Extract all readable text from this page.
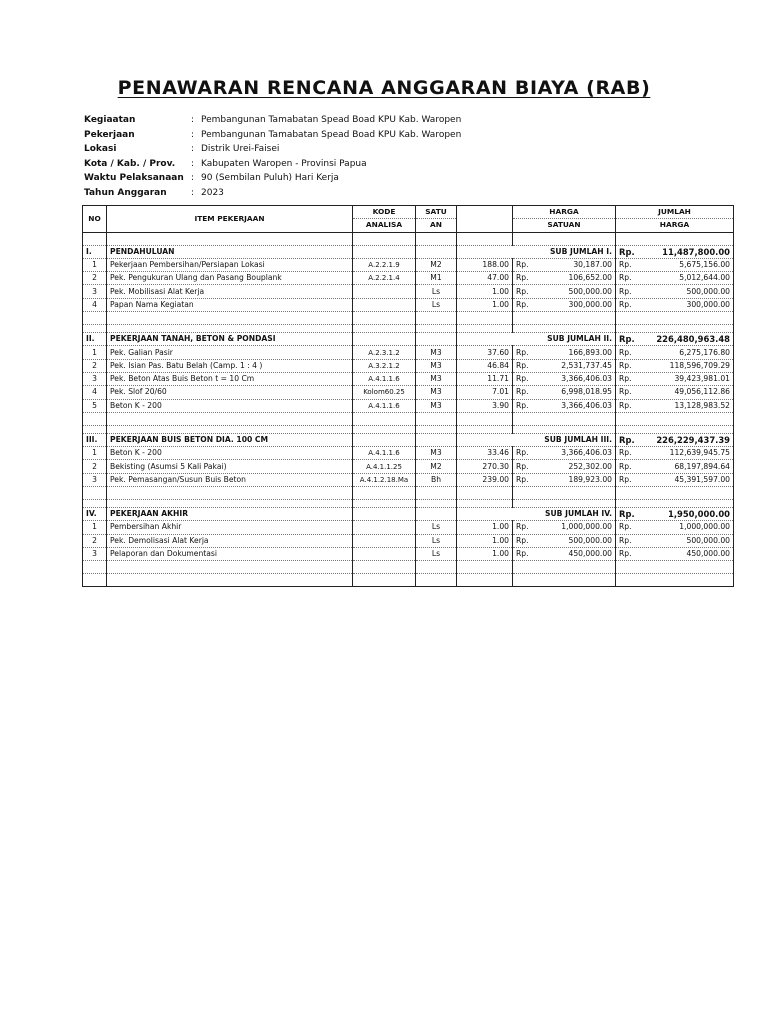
PENAWARAN RENCANA ANGGARAN BIAYA (RAB)
Kegiaatan	: Pembangunan Tamabatan Spead Boad KPU Kab. Waropen
Pekerjaan	: Pembangunan Tamabatan Spead Boad KPU Kab. Waropen
Lokasi	: Distrik Urei-Faisei
Kota / Kab. / Prov.	: Kabupaten Waropen - Provinsi Papua
Waktu Pelaksanaan : 90 (Sembilan Puluh) Hari Kerja
Tahun Anggaran	: 2023
NO	ITEM PEKERJAAN	KODE	SATU		HARGA	JUMLAH
		ANALISA	AN		SATUAN	HARGA

I.	PENDAHULUAN			SUB JUMLAH I.		Rp. 11,487,800.00
1	Pekerjaan Pembersihan/Persiapan Lokasi	A.2.2.1.9	M2	188.00	Rp. 30,187.00	Rp. 5,675,156.00
2	Pek. Pengukuran Ulang dan Pasang Bouplank	A.2.2.1.4	M1	47.00	Rp. 106,652.00	Rp. 5,012,644.00
3	Pek. Mobilisasi Alat Kerja		Ls	1.00	Rp. 500,000.00	Rp. 500,000.00
4	Papan Nama Kegiatan		Ls	1.00	Rp. 300,000.00	Rp. 300,000.00

II.	PEKERJAAN TANAH, BETON & PONDASI			SUB JUMLAH II.		Rp. 226,480,963.48
1	Pek. Galian Pasir	A.2.3.1.2	M3	37.60	Rp. 166,893.00	Rp. 6,275,176.80
2	Pek. Isian Pas. Batu Belah (Camp. 1 : 4 )	A.3.2.1.2	M3	46.84	Rp. 2,531,737.45	Rp. 118,596,709.29
3	Pek. Beton Atas Buis Beton t = 10 Cm	A.4.1.1.6	M3	11.71	Rp. 3,366,406.03	Rp. 39,423,981.01
4	Pek. Slof 20/60	Kolom60.25	M3	7.01	Rp. 6,998,018.95	Rp. 49,056,112.86
5	Beton K - 200	A.4.1.1.6	M3	3.90	Rp. 3,366,406.03	Rp. 13,128,983.52

III.	PEKERJAAN BUIS BETON DIA. 100 CM			SUB JUMLAH III.		Rp. 226,229,437.39
1	Beton K - 200	A.4.1.1.6	M3	33.46	Rp. 3,366,406.03	Rp. 112,639,945.75
2	Bekisting (Asumsi 5 Kali Pakai)	A.4.1.1.25	M2	270.30	Rp. 252,302.00	Rp. 68,197,894.64
3	Pek. Pemasangan/Susun Buis Beton	A.4.1.2.18.Ma	Bh	239.00	Rp. 189,923.00	Rp. 45,391,597.00

IV.	PEKERJAAN AKHIR			SUB JUMLAH IV.		Rp. 1,950,000.00
1	Pembersihan Akhir		Ls	1.00	Rp. 1,000,000.00	Rp. 1,000,000.00
2	Pek. Demolisasi Alat Kerja		Ls	1.00	Rp. 500,000.00	Rp. 500,000.00
3	Pelaporan dan Dokumentasi		Ls	1.00	Rp. 450,000.00	Rp. 450,000.00
